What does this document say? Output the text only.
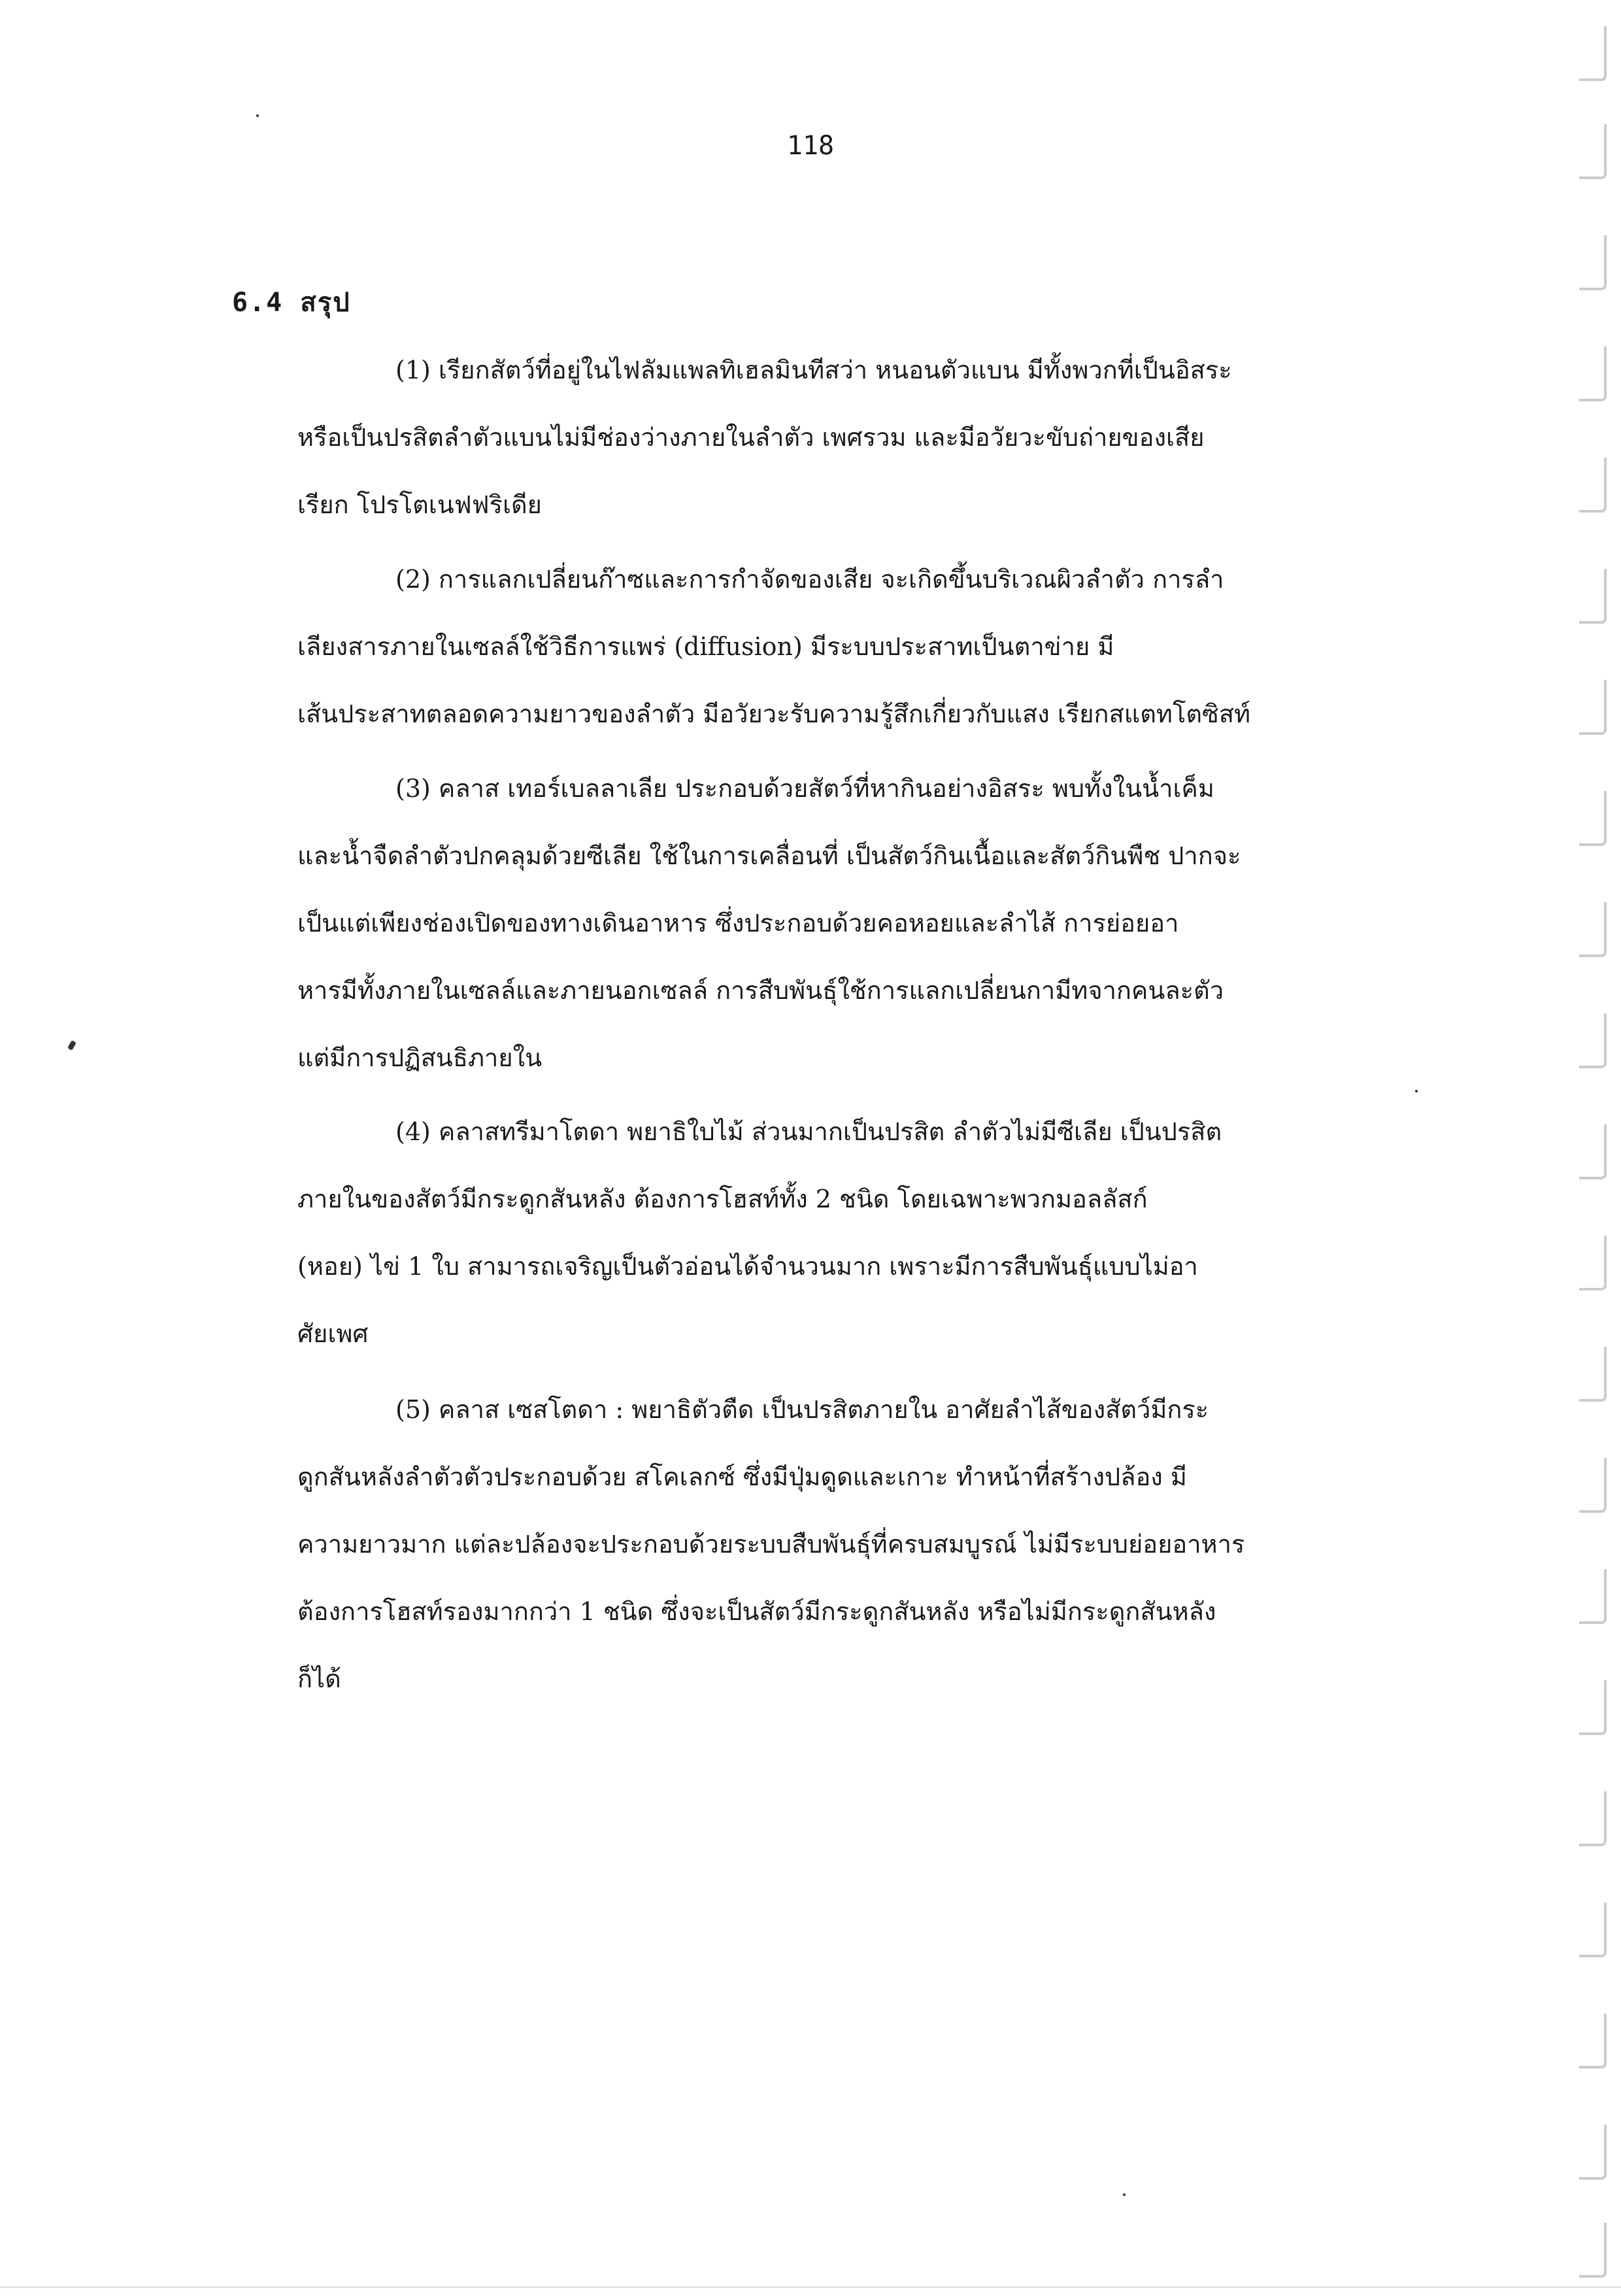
118
6.4 สรุป
(1) เรียกสัตว์ที่อยู่ในไฟลัมแพลทิเฮลมินทีสว่า หนอนตัวแบน มีทั้งพวกที่เป็นอิสระ
หรือเป็นปรสิตลำตัวแบนไม่มีช่องว่างภายในลำตัว เพศรวม และมีอวัยวะขับถ่ายของเสีย
เรียก โปรโตเนฟฟริเดีย
(2) การแลกเปลี่ยนก๊าซและการกำจัดของเสีย จะเกิดขึ้นบริเวณผิวลำตัว การลำ
เลียงสารภายในเซลล์ใช้วิธีการแพร่ (diffusion) มีระบบประสาทเป็นตาข่าย มี
เส้นประสาทตลอดความยาวของลำตัว มีอวัยวะรับความรู้สึกเกี่ยวกับแสง เรียกสแตทโตซิสท์
(3) คลาส เทอร์เบลลาเลีย ประกอบด้วยสัตว์ที่หากินอย่างอิสระ พบทั้งในน้ำเค็ม
และน้ำจืดลำตัวปกคลุมด้วยซีเลีย ใช้ในการเคลื่อนที่ เป็นสัตว์กินเนื้อและสัตว์กินพืช ปากจะ
เป็นแต่เพียงช่องเปิดของทางเดินอาหาร ซึ่งประกอบด้วยคอหอยและลำไส้ การย่อยอา
หารมีทั้งภายในเซลล์และภายนอกเซลล์ การสืบพันธุ์ใช้การแลกเปลี่ยนกามีทจากคนละตัว
แต่มีการปฏิสนธิภายใน
(4) คลาสทรีมาโตดา พยาธิใบไม้ ส่วนมากเป็นปรสิต ลำตัวไม่มีซีเลีย เป็นปรสิต
ภายในของสัตว์มีกระดูกสันหลัง ต้องการโฮสท์ทั้ง 2 ชนิด โดยเฉพาะพวกมอลลัสก์
(หอย) ไข่ 1 ใบ สามารถเจริญเป็นตัวอ่อนได้จำนวนมาก เพราะมีการสืบพันธุ์แบบไม่อา
ศัยเพศ
(5) คลาส เซสโตดา : พยาธิตัวตืด เป็นปรสิตภายใน อาศัยลำไส้ของสัตว์มีกระ
ดูกสันหลังลำตัวตัวประกอบด้วย สโคเลกซ์ ซึ่งมีปุ่มดูดและเกาะ ทำหน้าที่สร้างปล้อง มี
ความยาวมาก แต่ละปล้องจะประกอบด้วยระบบสืบพันธุ์ที่ครบสมบูรณ์ ไม่มีระบบย่อยอาหาร
ต้องการโฮสท์รองมากกว่า 1 ชนิด ซึ่งจะเป็นสัตว์มีกระดูกสันหลัง หรือไม่มีกระดูกสันหลัง
ก็ได้
